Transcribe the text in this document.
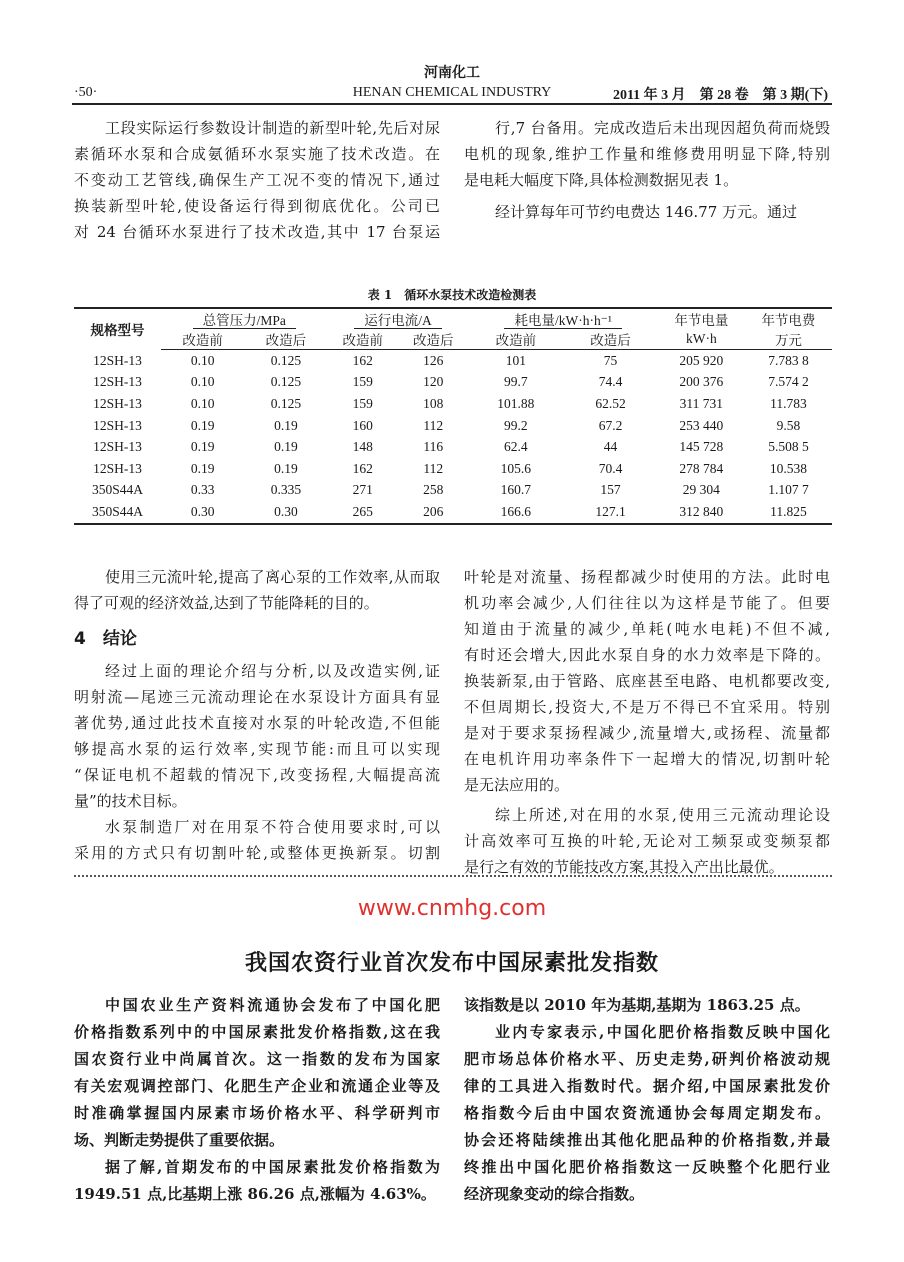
河南化工
·50·	HENAN CHEMICAL INDUSTRY	2011 年 3 月　第 28 卷　第 3 期(下)
工段实际运行参数设计制造的新型叶轮,先后对尿
素循环水泵和合成氨循环水泵实施了技术改造。在
不变动工艺管线,确保生产工况不变的情况下,通过
换装新型叶轮,使设备运行得到彻底优化。公司已
对 24 台循环水泵进行了技术改造,其中 17 台泵运
行,7 台备用。完成改造后未出现因超负荷而烧毁
电机的现象,维护工作量和维修费用明显下降,特别
是电耗大幅度下降,具体检测数据见表 1。
经计算每年可节约电费达 146.77 万元。通过
表 1　循环水泵技术改造检测表
规格型号	总管压力/MPa		运行电流/A		耗电量/kW·h·h⁻¹		年节电量	年节电费
	改造前	改造后	改造前	改造后	改造前	改造后	kW·h	万元
12SH-13	0.10	0.125	162	126	101	75	205 920	7.783 8
12SH-13	0.10	0.125	159	120	99.7	74.4	200 376	7.574 2
12SH-13	0.10	0.125	159	108	101.88	62.52	311 731	11.783
12SH-13	0.19	0.19	160	112	99.2	67.2	253 440	9.58
12SH-13	0.19	0.19	148	116	62.4	44	145 728	5.508 5
12SH-13	0.19	0.19	162	112	105.6	70.4	278 784	10.538
350S44A	0.33	0.335	271	258	160.7	157	29 304	1.107 7
350S44A	0.30	0.30	265	206	166.6	127.1	312 840	11.825
使用三元流叶轮,提高了离心泵的工作效率,从而取
得了可观的经济效益,达到了节能降耗的目的。
4　结论
经过上面的理论介绍与分析,以及改造实例,证
明射流—尾迹三元流动理论在水泵设计方面具有显
著优势,通过此技术直接对水泵的叶轮改造,不但能
够提高水泵的运行效率,实现节能:而且可以实现
“保证电机不超载的情况下,改变扬程,大幅提高流
量”的技术目标。
水泵制造厂对在用泵不符合使用要求时,可以
采用的方式只有切割叶轮,或整体更换新泵。切割
叶轮是对流量、扬程都减少时使用的方法。此时电
机功率会减少,人们往往以为这样是节能了。但要
知道由于流量的减少,单耗(吨水电耗)不但不减,
有时还会增大,因此水泵自身的水力效率是下降的。
换装新泵,由于管路、底座甚至电路、电机都要改变,
不但周期长,投资大,不是万不得已不宜采用。特别
是对于要求泵扬程减少,流量增大,或扬程、流量都
在电机许用功率条件下一起增大的情况,切割叶轮
是无法应用的。
综上所述,对在用的水泵,使用三元流动理论设
计高效率可互换的叶轮,无论对工频泵或变频泵都
是行之有效的节能技改方案,其投入产出比最优。
www.cnmhg.com
我国农资行业首次发布中国尿素批发指数
中国农业生产资料流通协会发布了中国化肥
价格指数系列中的中国尿素批发价格指数,这在我
国农资行业中尚属首次。这一指数的发布为国家
有关宏观调控部门、化肥生产企业和流通企业等及
时准确掌握国内尿素市场价格水平、科学研判市
场、判断走势提供了重要依据。
据了解,首期发布的中国尿素批发价格指数为
1949.51 点,比基期上涨 86.26 点,涨幅为 4.63%。
该指数是以 2010 年为基期,基期为 1863.25 点。
业内专家表示,中国化肥价格指数反映中国化
肥市场总体价格水平、历史走势,研判价格波动规
律的工具进入指数时代。据介绍,中国尿素批发价
格指数今后由中国农资流通协会每周定期发布。
协会还将陆续推出其他化肥品种的价格指数,并最
终推出中国化肥价格指数这一反映整个化肥行业
经济现象变动的综合指数。
